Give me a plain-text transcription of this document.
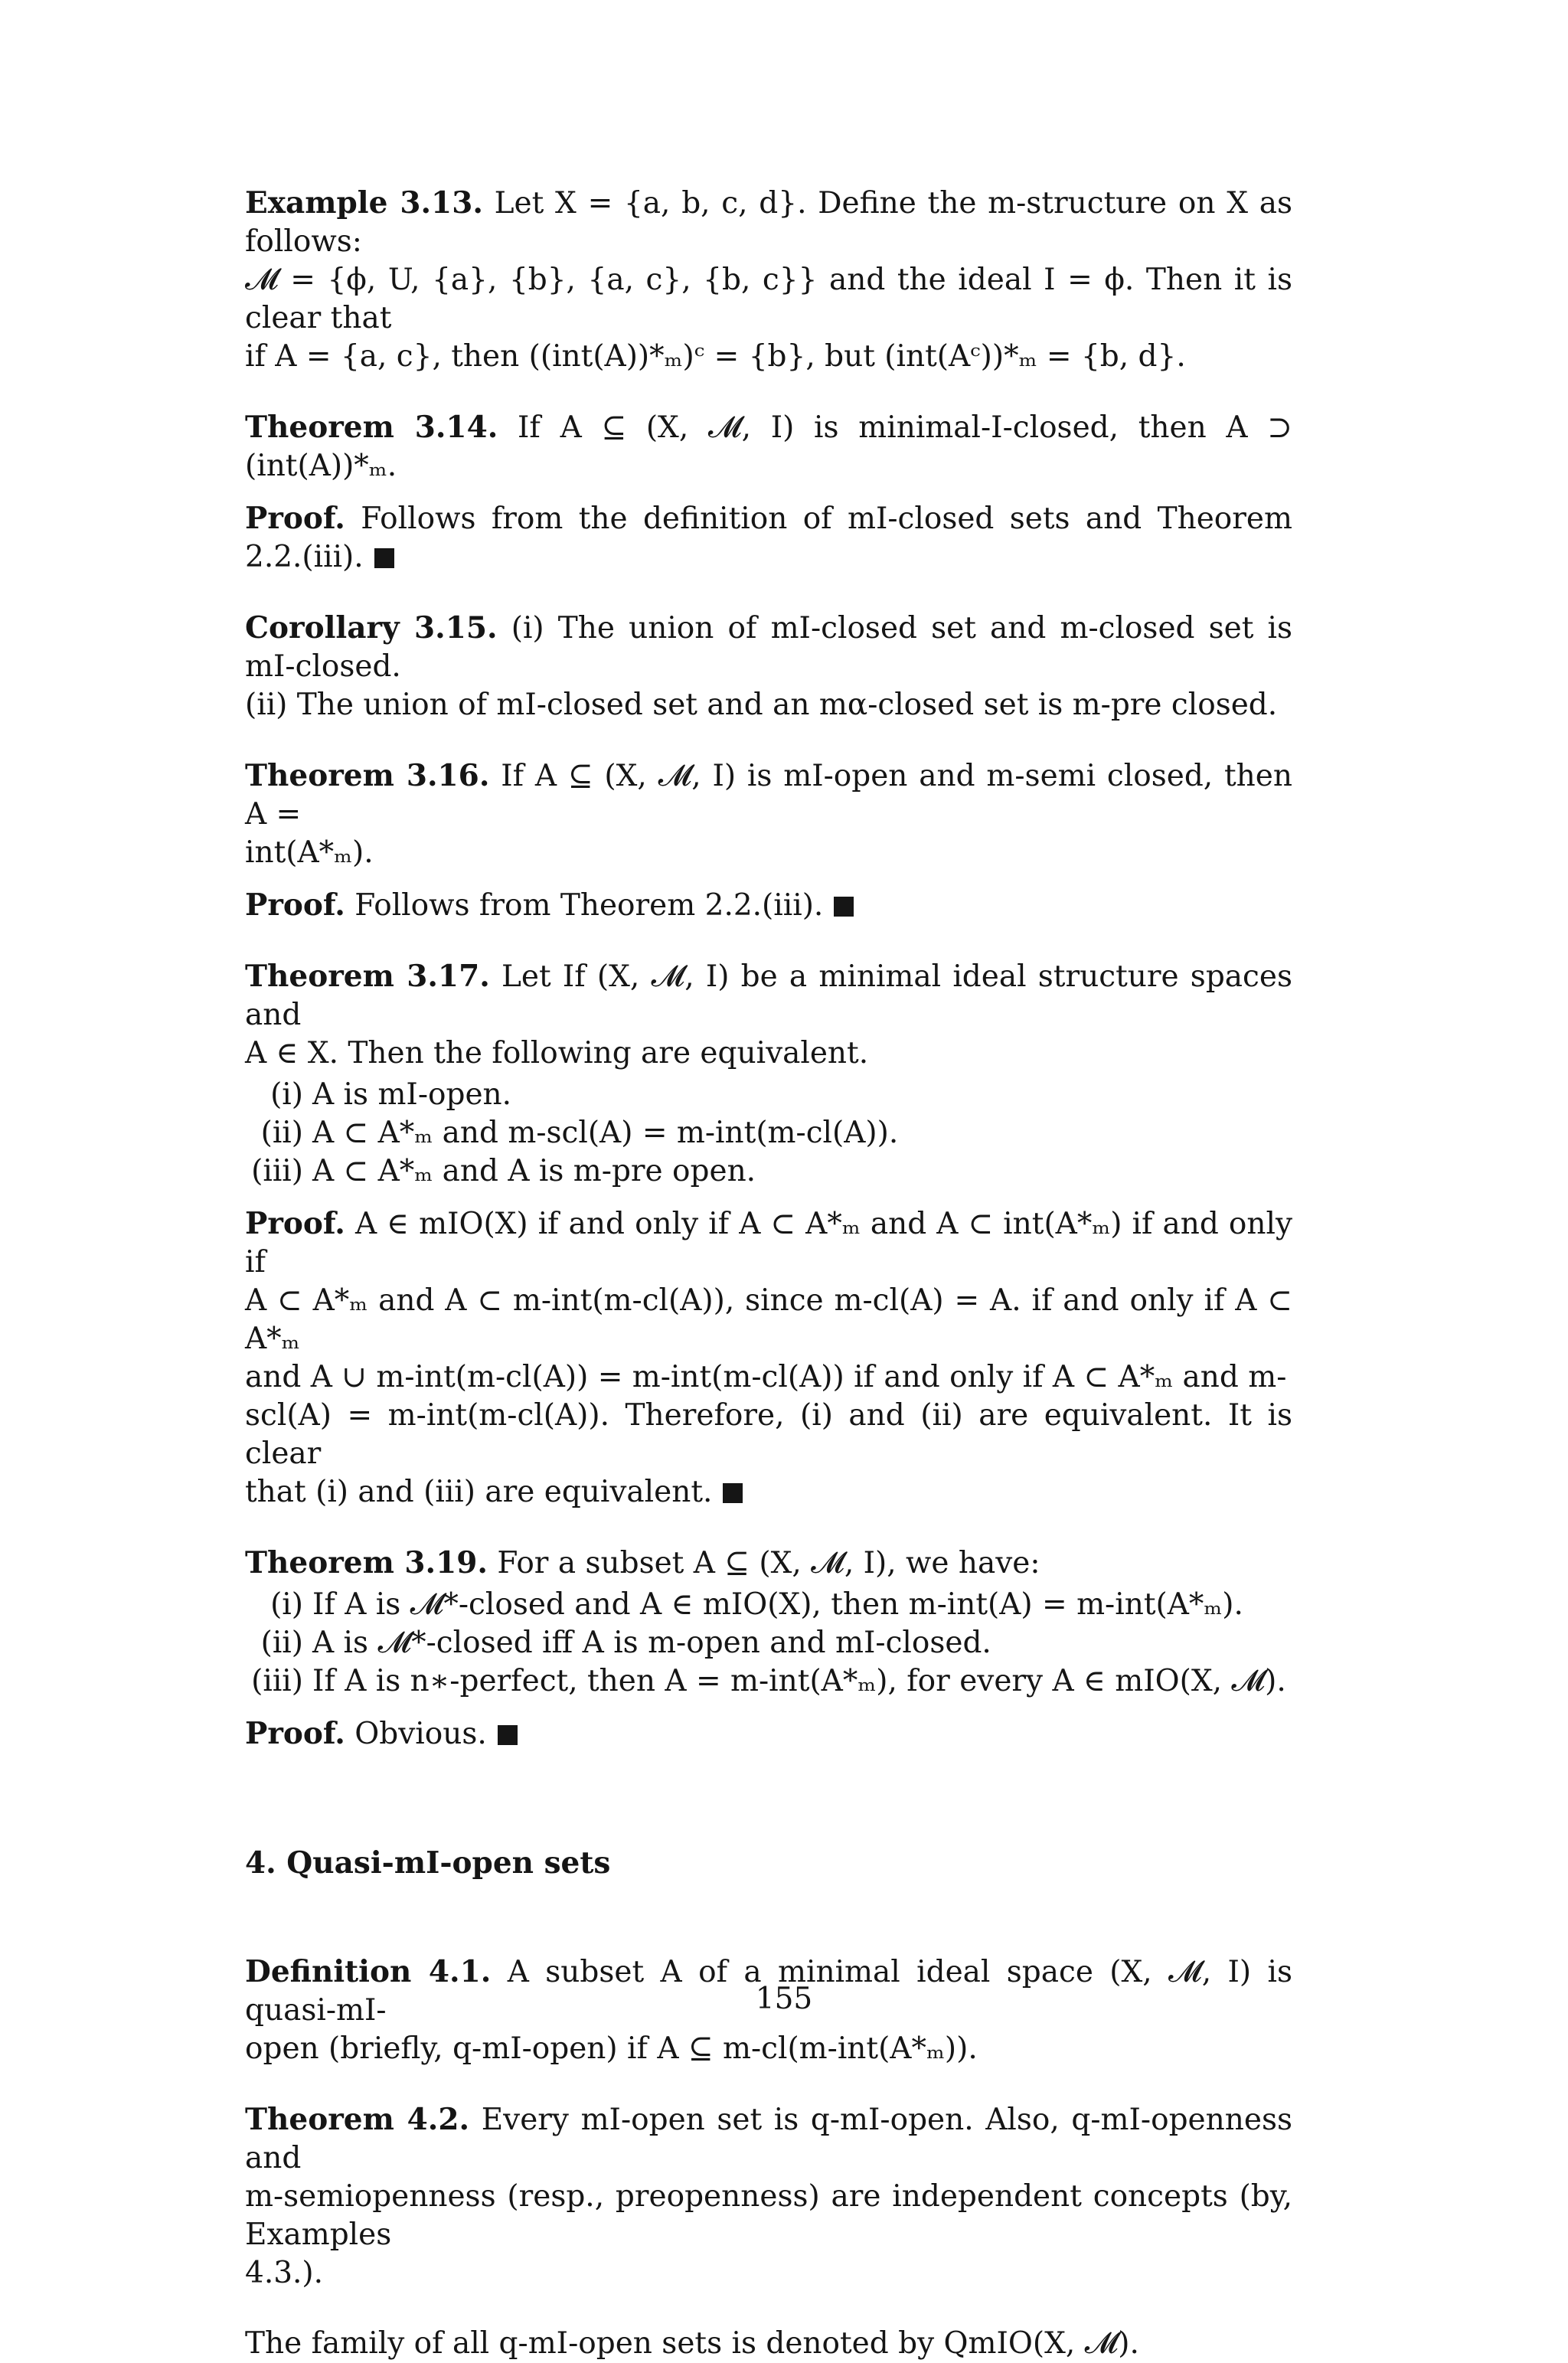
Example 3.13. Let X = {a, b, c, d}. Define the m-structure on X as follows:
𝓜 = {ϕ, U, {a}, {b}, {a, c}, {b, c}} and the ideal I = ϕ. Then it is clear that
if A = {a, c}, then ((int(A))*ₘ)ᶜ = {b}, but (int(Aᶜ))*ₘ = {b, d}.

Theorem 3.14. If A ⊆ (X, 𝓜, I) is minimal-I-closed, then A ⊃ (int(A))*ₘ.

Proof. Follows from the definition of mI-closed sets and Theorem 2.2.(iii).

Corollary 3.15. (i) The union of mI-closed set and m-closed set is mI-closed.
(ii) The union of mI-closed set and an mα-closed set is m-pre closed.

Theorem 3.16. If A ⊆ (X, 𝓜, I) is mI-open and m-semi closed, then A =
int(A*ₘ).

Proof. Follows from Theorem 2.2.(iii).

Theorem 3.17. Let If (X, 𝓜, I) be a minimal ideal structure spaces and
A ∈ X. Then the following are equivalent.

(i) A is mI-open.
(ii) A ⊂ A*ₘ and m-scl(A) = m-int(m-cl(A)).
(iii) A ⊂ A*ₘ and A is m-pre open.

Proof. A ∈ mIO(X) if and only if A ⊂ A*ₘ and A ⊂ int(A*ₘ) if and only if
A ⊂ A*ₘ and A ⊂ m-int(m-cl(A)), since m-cl(A) = A. if and only if A ⊂ A*ₘ
and A ∪ m-int(m-cl(A)) = m-int(m-cl(A)) if and only if A ⊂ A*ₘ and m-
scl(A) = m-int(m-cl(A)). Therefore, (i) and (ii) are equivalent. It is clear
that (i) and (iii) are equivalent.

Theorem 3.19. For a subset A ⊆ (X, 𝓜, I), we have:

(i) If A is 𝓜*-closed and A ∈ mIO(X), then m-int(A) = m-int(A*ₘ).
(ii) A is 𝓜*-closed iff A is m-open and mI-closed.
(iii) If A is n∗-perfect, then A = m-int(A*ₘ), for every A ∈ mIO(X, 𝓜).

Proof. Obvious.

4. Quasi-mI-open sets

Definition 4.1. A subset A of a minimal ideal space (X, 𝓜, I) is quasi-mI-
open (briefly, q-mI-open) if A ⊆ m-cl(m-int(A*ₘ)).

Theorem 4.2. Every mI-open set is q-mI-open. Also, q-mI-openness and
m-semiopenness (resp., preopenness) are independent concepts (by, Examples
4.3.).

The family of all q-mI-open sets is denoted by QmIO(X, 𝓜).

155
